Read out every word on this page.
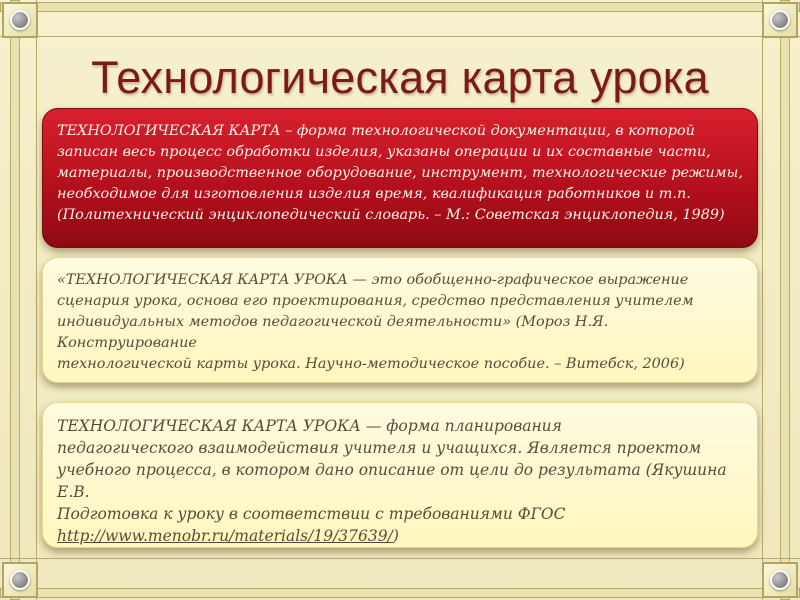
Технологическая карта урока
ТЕХНОЛОГИЧЕСКАЯ КАРТА – форма технологической документации, в которой
записан весь процесс обработки изделия, указаны операции и их составные части,
материалы, производственное оборудование, инструмент, технологические режимы,
необходимое для изготовления изделия время, квалификация работников и т.п.
(Политехнический энциклопедический словарь. – М.: Советская энциклопедия, 1989)
«ТЕХНОЛОГИЧЕСКАЯ КАРТА УРОКА — это обобщенно-графическое выражение
сценария урока, основа его проектирования, средство представления учителем
индивидуальных методов педагогической деятельности» (Мороз Н.Я. Конструирование
технологической карты урока. Научно-методическое пособие. – Витебск, 2006)
ТЕХНОЛОГИЧЕСКАЯ КАРТА УРОКА — форма планирования
педагогического взаимодействия учителя и учащихся. Является проектом
учебного процесса, в котором дано описание от цели до результата (Якушина Е.В.
Подготовка к уроку в соответствии с требованиями ФГОС
http://www.menobr.ru/materials/19/37639/)
